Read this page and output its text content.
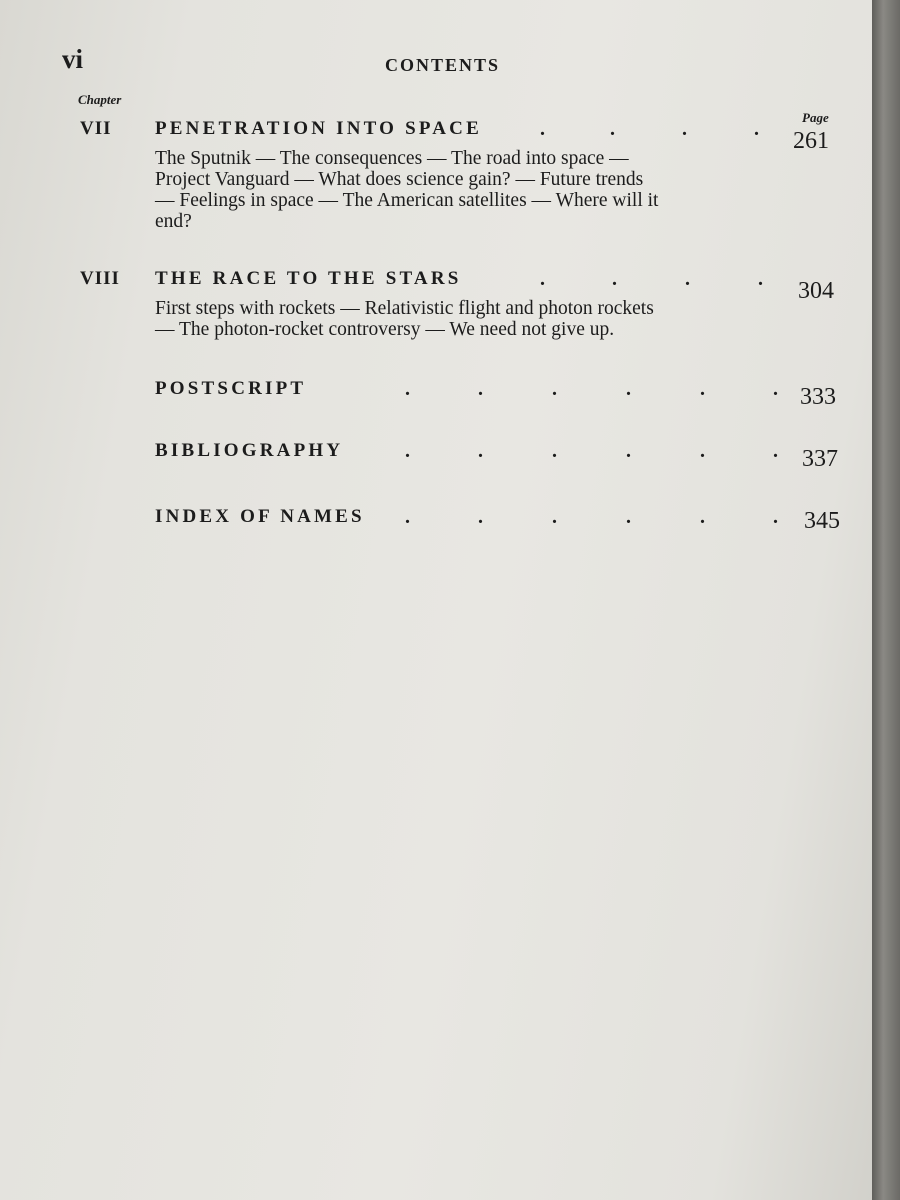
vi	CONTENTS
Chapter
Page
VII PENETRATION INTO SPACE	.	.	.	. 261
The Sputnik — The consequences — The road into space —
Project Vanguard — What does science gain? — Future trends
— Feelings in space — The American satellites — Where will it
end?
VIII THE RACE TO THE STARS	.	.	.	. 304
First steps with rockets — Relativistic flight and photon rockets
— The photon-rocket controversy — We need not give up.
POSTSCRIPT	.	.	.	.	.	. 333
BIBLIOGRAPHY	.	.	.	.	.	. 337
INDEX OF NAMES .	.	.	.	.	. 345
